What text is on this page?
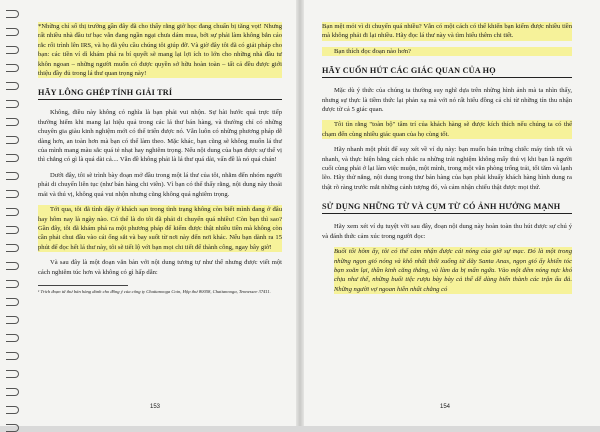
*Những chỉ số thị trường gần đây đã cho thấy rằng giờ học đang chuẩn bị tăng vọt! Nhưng rất nhiều nhà đầu tư bạc vẫn đang ngần ngại chưa dám mua, bởi sự phải làm không bắn cáo rắc rối trình lên IRS, và họ đã yêu cầu chúng tôi giúp đỡ. Và giờ đây tôi đã có giải pháp cho bạn: các tiền ví dì khám phá ra bí quyết sẽ mang lại lợi ích to lớn cho những nhà đầu tư khôn ngoan – những người muốn có được quyền sở hữu hoàn toàn – tất cả đều được giới thiệu đầy đủ trong lá thư quan trọng này!

HÃY LÔNG GHÉP TÍNH GIẢI TRÍ

Không, điều này không có nghĩa là bạn phải vui nhộn. Sự hài hước quá trực tiếp thường hiếm khi mang lại hiệu quả trong các lá thư bán hàng, và thường chỉ có những chuyên gia giàu kinh nghiệm mới có thể triển được nó. Vẫn luôn có những phương pháp dễ dàng hơn, an toàn hơn mà bạn có thể làm theo. Mặc khác, bạn cũng sẽ không muốn lá thư của mình mang màu sắc quá tẻ nhạt hay nghiêm trọng. Nếu nội dung của bạn được sự thể vị thì chẳng có gì là quá dài cả.... Vẫn đề không phải là lá thư quá dài, vấn đề là nó quá chán!

Dưới đây, tôi sẽ trình bày đoạn mở đầu trong một lá thư của tôi, nhằm đến nhóm người phải di chuyển liên tục (như bán hàng chi viên). Vì bạn có thể thấy rằng, nội dung này thoải mái và thú vị, không quá vui nhộn nhưng cũng không quá nghiêm trọng.

Tới qua, tôi đã tình dậy ở khách sạn trong tình trạng không còn biết mình đang ở đâu hay hôm nay là ngày nào. Có thể là do tôi đã phải di chuyển quá nhiều! Còn bạn thì sao? Gần đây, tôi đã khám phá ra một phương pháp để kiếm được thật nhiều tiền mà không còn cần phải chui đầu vào cái ống sắt và bay suốt từ nơi này đến nơi khác. Nếu bạn dành ra 15 phút để đọc hết lá thư này, tôi sẽ tiết lộ với bạn mọi chi tiết để thành công, ngay bây giờ!

Và sau đây là một đoạn văn bản với nội dung tương tự như thế nhưng được viết một cách nghiêm túc hơn và không có gì hấp dẫn:

¹ Trích đoạn từ thư bán hàng dành cho đồng ý của công ty Chattanooga Coin, Hộp thư 80058, Chattanooga, Tennessee 37411.

153

Bạn mệt mỏi vì di chuyển quá nhiều? Vẫn có một cách có thể khiến bạn kiếm được nhiều tiền mà không phải đi lại nhiều. Hãy đọc lá thư này và tìm hiểu thêm chi tiết.

Bạn thích đọc đoạn nào hơn?

HÃY CUỐN HÚT CÁC GIÁC QUAN CỦA HỌ

Mặc dù ý thức của chúng ta thường suy nghĩ dựa trên những hình ảnh mà ta nhìn thấy, nhưng sự thực là tiềm thức lại phản xạ mà với nó rất hiểu đồng cả chỉ từ những tín thu nhận được từ cả 5 giác quan.

Tôi tìn rằng "toàn bộ" tâm trí của khách hàng sẽ được kích thích nếu chúng ta có thể chạm đến cùng nhiều giác quan của họ cùng tốt.

Hãy nhanh một phút để suy xét về ví dụ này: bạn muốn bán trứng chiếc máy tính tốt và nhanh, và thực hiện bằng cách nhắc ra những trải nghiệm không mấy thú vị khi bạn là người cuối cùng phải ở lại làm việc muộn, một mình, trong một văn phòng trống trải, tối tăm và lạnh lẽo. Hãy thử nắng, nội dung trong thư bán hàng của bạn phải khuấy khách hàng hình dung ra thật rõ ràng trước mắt những cảnh tượng đó, và cảm nhận chiếu thật được mọi thứ.

SỬ DỤNG NHỮNG TỪ VÀ CỤM TỪ CÓ ẢNH HƯỞNG MẠNH

Hãy xem xét ví dụ tuyệt vời sau đây, đoạn nội dung này hoàn toàn thu hút được sự chú ý và đánh thức cảm xúc trong người đọc:

Buổi tối hôm ấy, tôi có thể cảm nhận được cái nóng của giờ sự mạc. Đó là một trong những ngọn gió nóng và khô nhất thổi xuống từ dãy Santa Anas, ngọn gió ấy khiến tóc bạn xoăn lại, thần kinh căng thẳng, và làm da bị mẩn ngứa. Vào một đêm nóng nực khó chịu như thế, những buổi tiệc rượu bày bày cả thể dễ dàng biến thành các trận ẩu đả. Những người vợ ngoan hiền nhất chẳng có

154
